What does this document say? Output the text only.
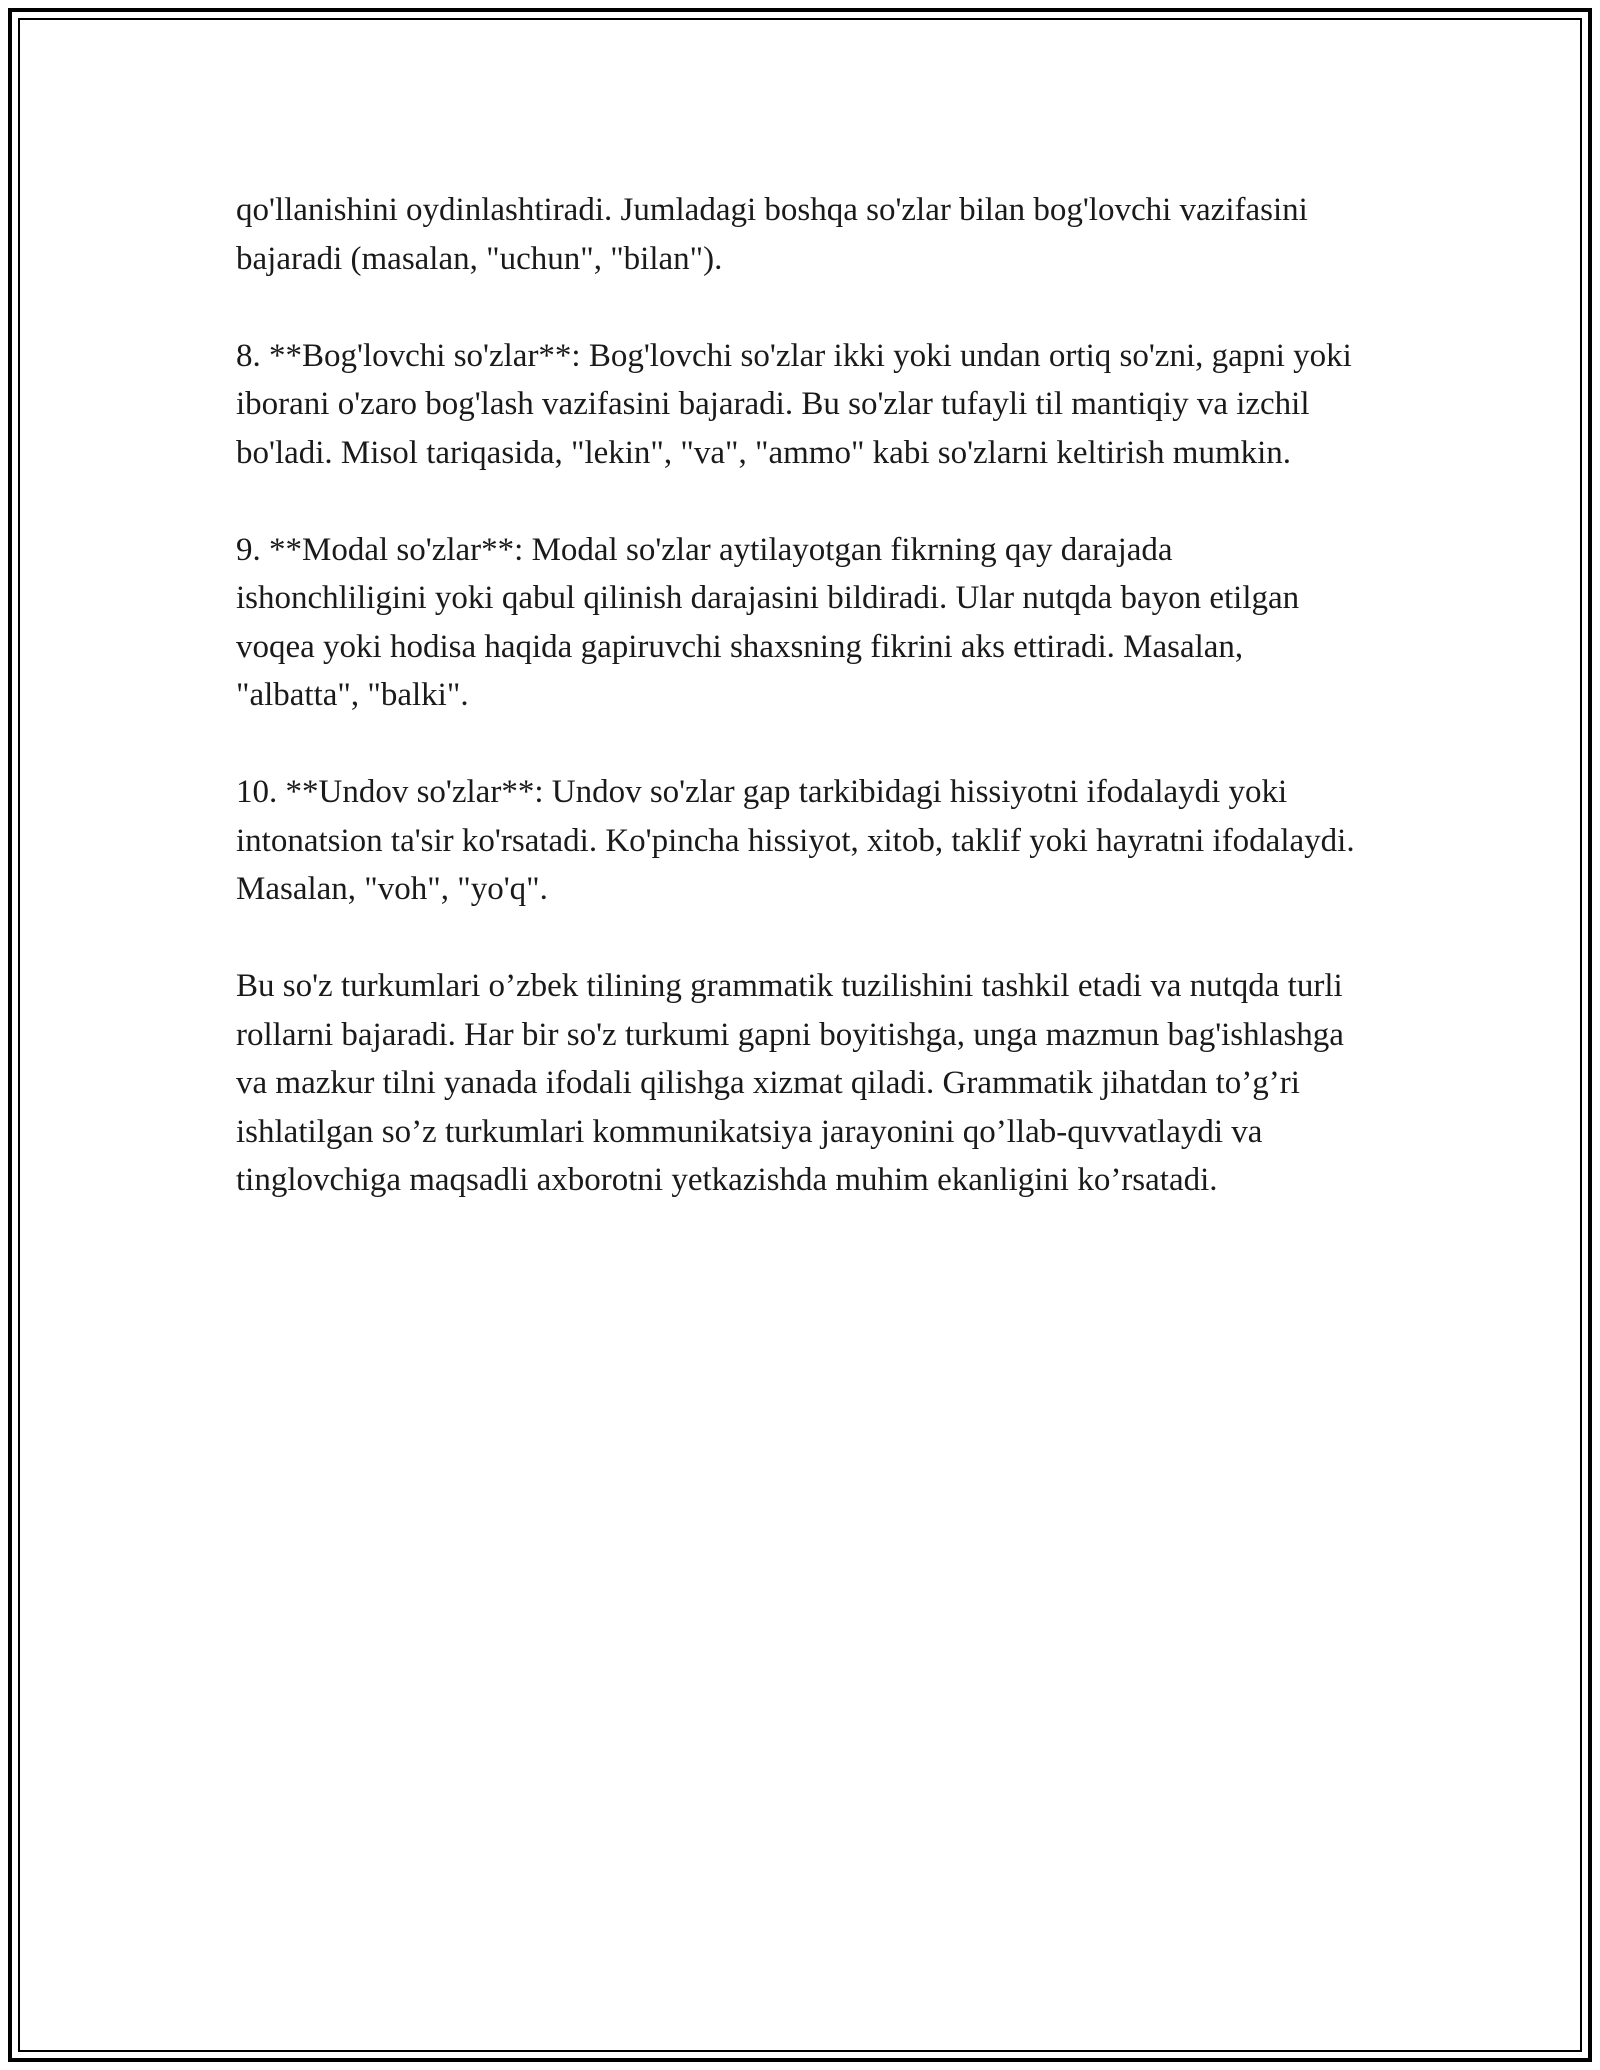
qo'llanishini oydinlashtiradi. Jumladagi boshqa so'zlar bilan bog'lovchi vazifasini bajaradi (masalan, "uchun", "bilan").

8. **Bog'lovchi so'zlar**: Bog'lovchi so'zlar ikki yoki undan ortiq so'zni, gapni yoki iborani o'zaro bog'lash vazifasini bajaradi. Bu so'zlar tufayli til mantiqiy va izchil bo'ladi. Misol tariqasida, "lekin", "va", "ammo" kabi so'zlarni keltirish mumkin.

9. **Modal so'zlar**: Modal so'zlar aytilayotgan fikrning qay darajada ishonchliligini yoki qabul qilinish darajasini bildiradi. Ular nutqda bayon etilgan voqea yoki hodisa haqida gapiruvchi shaxsning fikrini aks ettiradi. Masalan, "albatta", "balki".

10. **Undov so'zlar**: Undov so'zlar gap tarkibidagi hissiyotni ifodalaydi yoki intonatsion ta'sir ko'rsatadi. Ko'pincha hissiyot, xitob, taklif yoki hayratni ifodalaydi. Masalan, "voh", "yo'q".

Bu so'z turkumlari o’zbek tilining grammatik tuzilishini tashkil etadi va nutqda turli rollarni bajaradi. Har bir so'z turkumi gapni boyitishga, unga mazmun bag'ishlashga va mazkur tilni yanada ifodali qilishga xizmat qiladi. Grammatik jihatdan to’g’ri ishlatilgan so’z turkumlari kommunikatsiya jarayonini qo’llab-quvvatlaydi va tinglovchiga maqsadli axborotni yetkazishda muhim ekanligini ko’rsatadi.
